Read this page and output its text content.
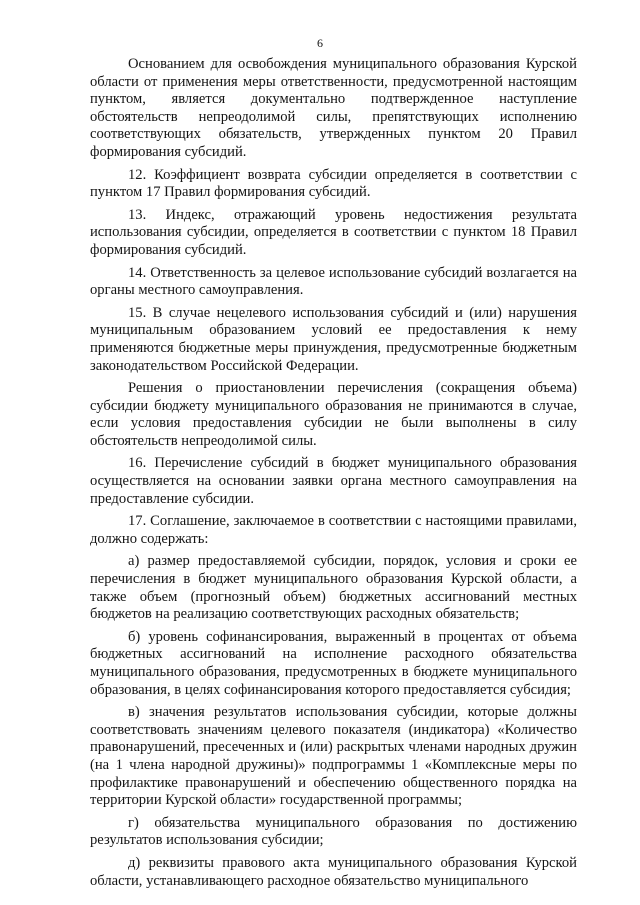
6

Основанием для освобождения муниципального образования Курской области от применения меры ответственности, предусмотренной настоящим пунктом, является документально подтвержденное наступление обстоятельств непреодолимой силы, препятствующих исполнению соответствующих обязательств, утвержденных пунктом 20 Правил формирования субсидий.

12. Коэффициент возврата субсидии определяется в соответствии с пунктом 17 Правил формирования субсидий.

13. Индекс, отражающий уровень недостижения результата использования субсидии, определяется в соответствии с пунктом 18 Правил формирования субсидий.

14. Ответственность за целевое использование субсидий возлагается на органы местного самоуправления.

15. В случае нецелевого использования субсидий и (или) нарушения муниципальным образованием условий ее предоставления к нему применяются бюджетные меры принуждения, предусмотренные бюджетным законодательством Российской Федерации.

Решения о приостановлении перечисления (сокращения объема) субсидии бюджету муниципального образования не принимаются в случае, если условия предоставления субсидии не были выполнены в силу обстоятельств непреодолимой силы.

16. Перечисление субсидий в бюджет муниципального образования осуществляется на основании заявки органа местного самоуправления на предоставление субсидии.

17. Соглашение, заключаемое в соответствии с настоящими правилами, должно содержать:

а) размер предоставляемой субсидии, порядок, условия и сроки ее перечисления в бюджет муниципального образования Курской области, а также объем (прогнозный объем) бюджетных ассигнований местных бюджетов на реализацию соответствующих расходных обязательств;

б) уровень софинансирования, выраженный в процентах от объема бюджетных ассигнований на исполнение расходного обязательства муниципального образования, предусмотренных в бюджете муниципального образования, в целях софинансирования которого предоставляется субсидия;

в) значения результатов использования субсидии, которые должны соответствовать значениям целевого показателя (индикатора) «Количество правонарушений, пресеченных и (или) раскрытых членами народных дружин (на 1 члена народной дружины)» подпрограммы 1 «Комплексные меры по профилактике правонарушений и обеспечению общественного порядка на территории Курской области» государственной программы;

г) обязательства муниципального образования по достижению результатов использования субсидии;

д) реквизиты правового акта муниципального образования Курской области, устанавливающего расходное обязательство муниципального
